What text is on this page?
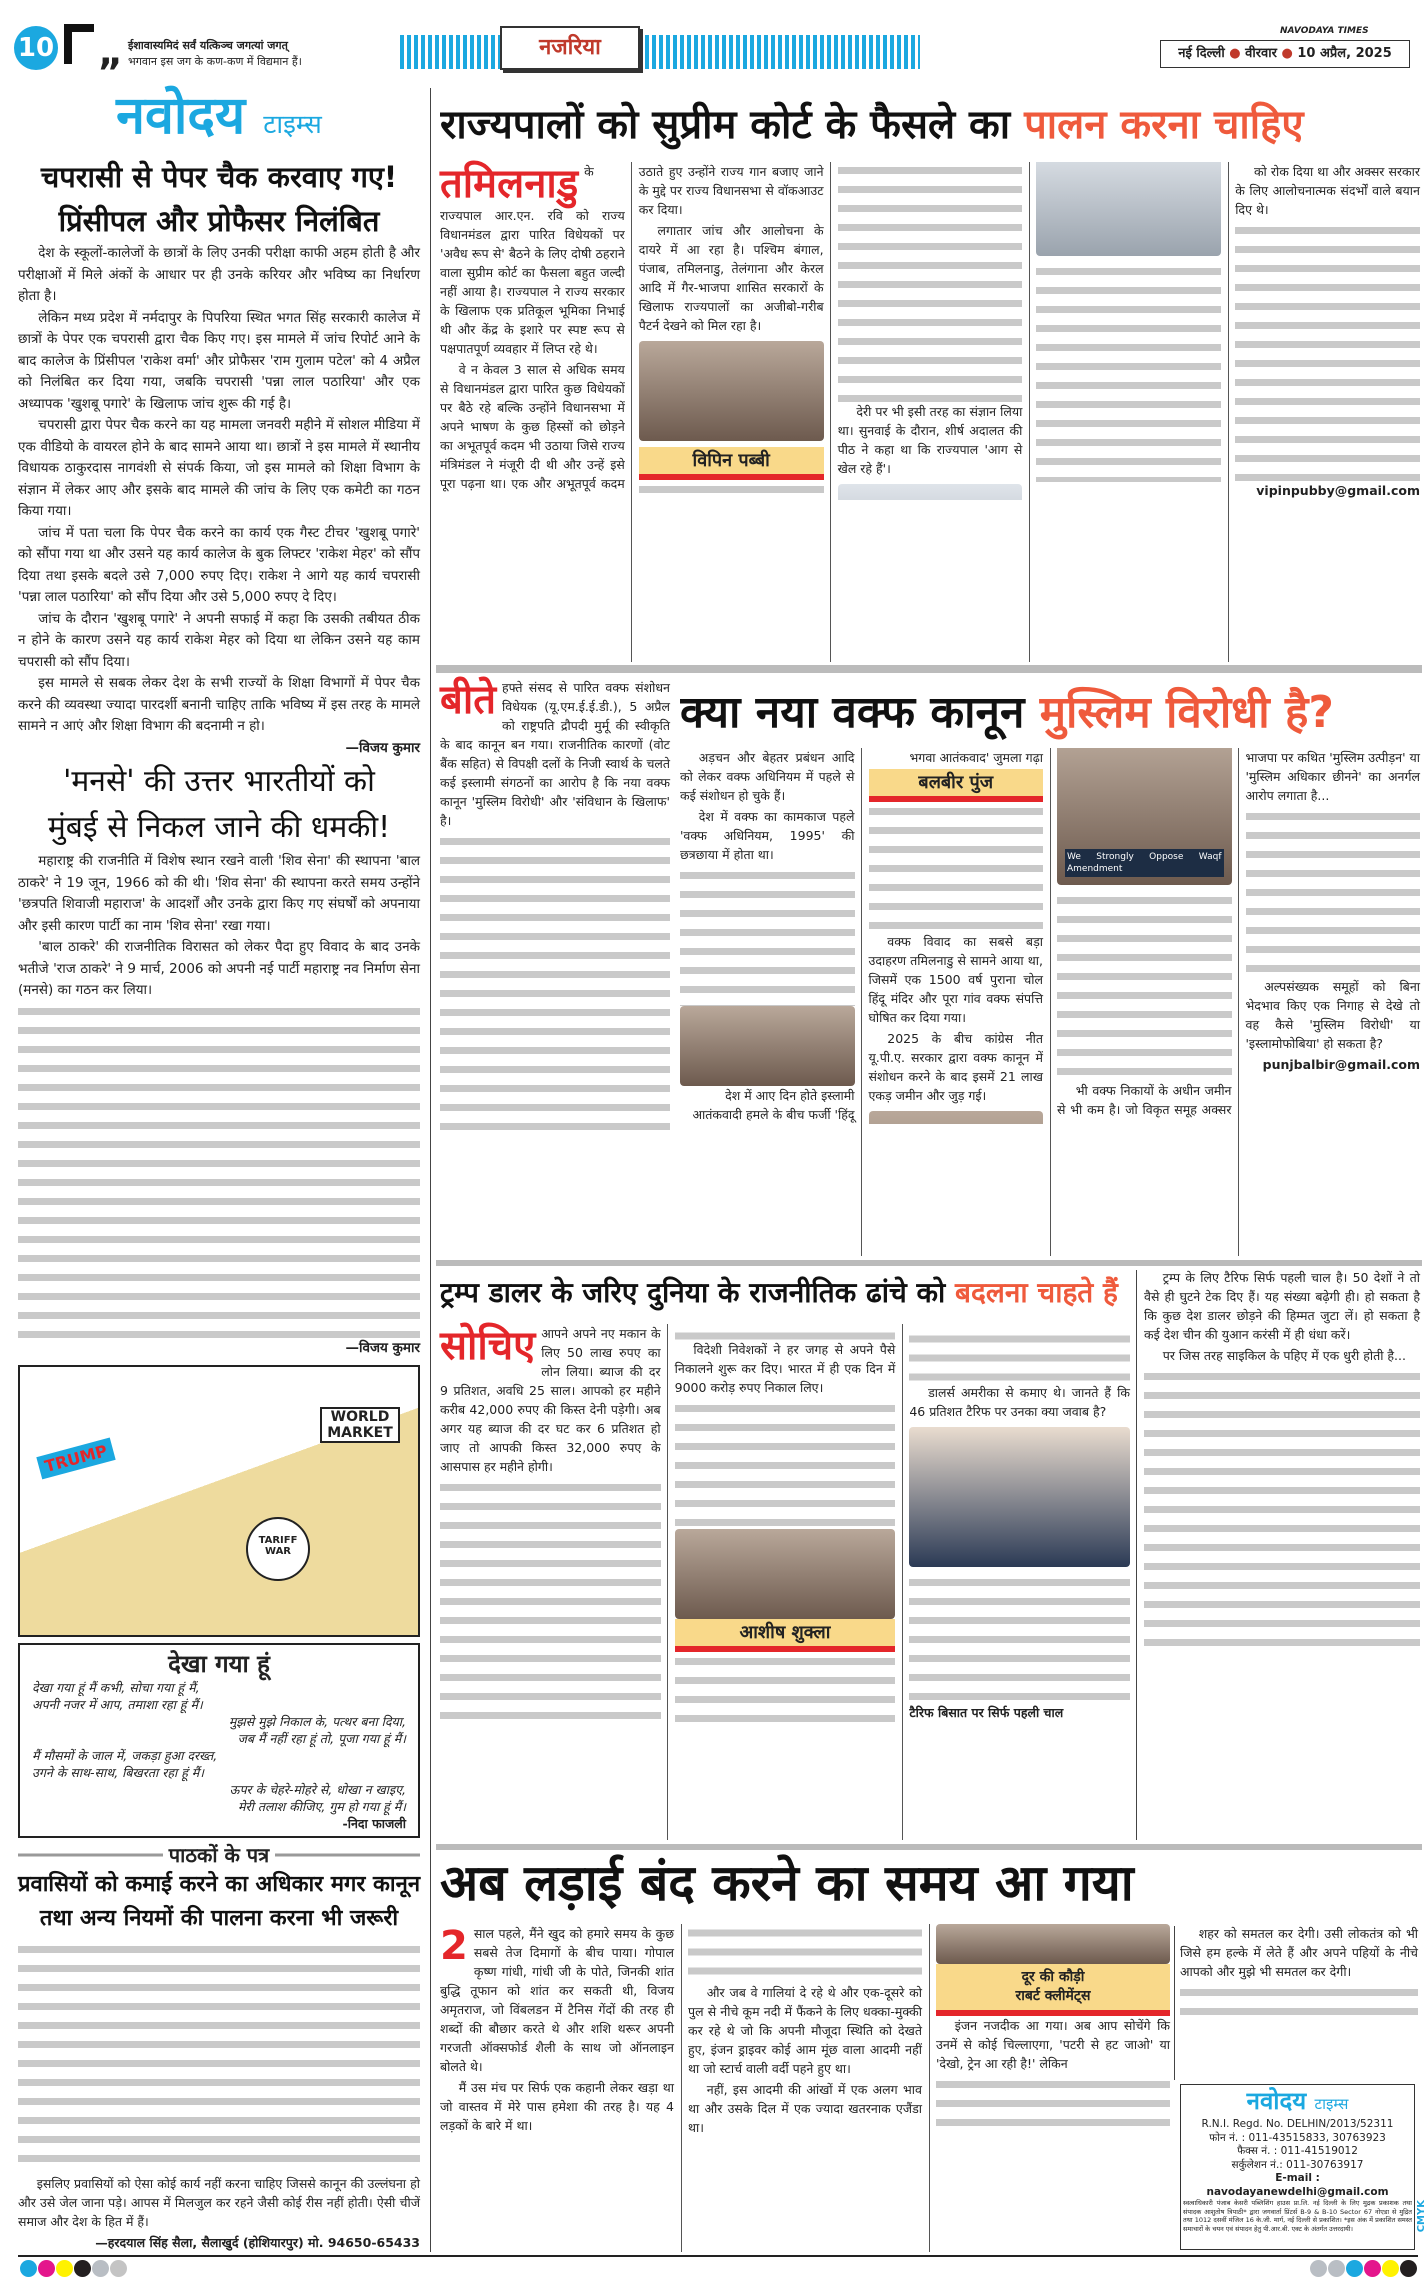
10 „ ईशावास्यमिदं सर्वं यत्किञ्च जगत्यां जगत्
भगवान इस जग के कण-कण में विद्यमान हैं।
नजरिया
NAVODAYA TIMES
नई दिल्ली ● वीरवार ● 10 अप्रैल, 2025
नवोदय टाइम्स
चपरासी से पेपर चैक करवाए गए!
प्रिंसीपल और प्रोफैसर निलंबित

देश के स्कूलों-कालेजों के छात्रों के लिए उनकी परीक्षा काफी अहम होती है और परीक्षाओं में मिले अंकों के आधार पर ही उनके करियर और भविष्य का निर्धारण होता है।

लेकिन मध्य प्रदेश में नर्मदापुर के पिपरिया स्थित भगत सिंह सरकारी कालेज में छात्रों के पेपर एक चपरासी द्वारा चैक किए गए। इस मामले में जांच रिपोर्ट आने के बाद कालेज के प्रिंसीपल 'राकेश वर्मा' और प्रोफैसर 'राम गुलाम पटेल' को 4 अप्रैल को निलंबित कर दिया गया, जबकि चपरासी 'पन्ना लाल पठारिया' और एक अध्यापक 'खुशबू पगारे' के खिलाफ जांच शुरू की गई है।

चपरासी द्वारा पेपर चैक करने का यह मामला जनवरी महीने में सोशल मीडिया में एक वीडियो के वायरल होने के बाद सामने आया था। छात्रों ने इस मामले में स्थानीय विधायक ठाकुरदास नागवंशी से संपर्क किया, जो इस मामले को शिक्षा विभाग के संज्ञान में लेकर आए और इसके बाद मामले की जांच के लिए एक कमेटी का गठन किया गया।

जांच में पता चला कि पेपर चैक करने का कार्य एक गैस्ट टीचर 'खुशबू पगारे' को सौंपा गया था और उसने यह कार्य कालेज के बुक लिफ्टर 'राकेश मेहर' को सौंप दिया तथा इसके बदले उसे 7,000 रुपए दिए। राकेश ने आगे यह कार्य चपरासी 'पन्ना लाल पठारिया' को सौंप दिया और उसे 5,000 रुपए दे दिए।

जांच के दौरान 'खुशबू पगारे' ने अपनी सफाई में कहा कि उसकी तबीयत ठीक न होने के कारण उसने यह कार्य राकेश मेहर को दिया था लेकिन उसने यह काम चपरासी को सौंप दिया।

इस मामले से सबक लेकर देश के सभी राज्यों के शिक्षा विभागों में पेपर चैक करने की व्यवस्था ज्यादा पारदर्शी बनानी चाहिए ताकि भविष्य में इस तरह के मामले सामने न आएं और शिक्षा विभाग की बदनामी न हो।

—विजय कुमार
'मनसे' की उत्तर भारतीयों को
मुंबई से निकल जाने की धमकी!

महाराष्ट्र की राजनीति में विशेष स्थान रखने वाली 'शिव सेना' की स्थापना 'बाल ठाकरे' ने 19 जून, 1966 को की थी। 'शिव सेना' की स्थापना करते समय उन्होंने 'छत्रपति शिवाजी महाराज' के आदर्शों और उनके द्वारा किए गए संघर्षों को अपनाया और इसी कारण पार्टी का नाम 'शिव सेना' रखा गया।

'बाल ठाकरे' की राजनीतिक विरासत को लेकर पैदा हुए विवाद के बाद उनके भतीजे 'राज ठाकरे' ने 9 मार्च, 2006 को अपनी नई पार्टी महाराष्ट्र नव निर्माण सेना (मनसे) का गठन कर लिया।

—विजय कुमार
TRUMP
WORLD MARKET
TARIFF WAR
देखा गया हूं
देखा गया हूं मैं कभी, सोचा गया हूं मैं,
अपनी नजर में आप, तमाशा रहा हूं मैं।
मुझसे मुझे निकाल के, पत्थर बना दिया,
जब मैं नहीं रहा हूं तो, पूजा गया हूं मैं।
मैं मौसमों के जाल में, जकड़ा हुआ दरख्त,
उगने के साथ-साथ, बिखरता रहा हूं मैं।
ऊपर के चेहरे-मोहरे से, धोखा न खाइए,
मेरी तलाश कीजिए, गुम हो गया हूं मैं।
-निदा फाजली
पाठकों के पत्र
प्रवासियों को कमाई करने का अधिकार मगर कानून
तथा अन्य नियमों की पालना करना भी जरूरी

इसलिए प्रवासियों को ऐसा कोई कार्य नहीं करना चाहिए जिससे कानून की उल्लंघना हो और उसे जेल जाना पड़े। आपस में मिलजुल कर रहने जैसी कोई रीस नहीं होती। ऐसी चीजें समाज और देश के हित में हैं।

—हरदयाल सिंह सैला, सैलाखुर्द (होशियारपुर) मो. 94650-65433
राज्यपालों को सुप्रीम कोर्ट के फैसले का पालन करना चाहिए
तमिलनाडु के राज्यपाल आर.एन. रवि को राज्य विधानमंडल द्वारा पारित विधेयकों पर 'अवैध रूप से' बैठने के लिए दोषी ठहराने वाला सुप्रीम कोर्ट का फैसला बहुत जल्दी नहीं आया है। राज्यपाल ने राज्य सरकार के खिलाफ एक प्रतिकूल भूमिका निभाई थी और केंद्र के इशारे पर स्पष्ट रूप से पक्षपातपूर्ण व्यवहार में लिप्त रहे थे।

वे न केवल 3 साल से अधिक समय से विधानमंडल द्वारा पारित कुछ विधेयकों पर बैठे रहे बल्कि उन्होंने विधानसभा में अपने भाषण के कुछ हिस्सों को छोड़ने का अभूतपूर्व कदम भी उठाया जिसे राज्य मंत्रिमंडल ने मंजूरी दी थी और उन्हें इसे पूरा पढ़ना था। एक और अभूतपूर्व कदम उठाते हुए उन्होंने राज्य गान बजाए जाने के मुद्दे पर राज्य विधानसभा से वॉकआउट कर दिया।

लगातार जांच और आलोचना के दायरे में आ रहा है। पश्चिम बंगाल, पंजाब, तमिलनाडु, तेलंगाना और केरल आदि में गैर-भाजपा शासित सरकारों के खिलाफ राज्यपालों का अजीबो-गरीब पैटर्न देखने को मिल रहा है।

विपिन पब्बी

देरी पर भी इसी तरह का संज्ञान लिया था। सुनवाई के दौरान, शीर्ष अदालत की पीठ ने कहा था कि राज्यपाल 'आग से खेल रहे हैं'।

को रोक दिया था और अक्सर सरकार के लिए आलोचनात्मक संदर्भों वाले बयान दिए थे।

vipinpubby@gmail.com
बीते हफ्ते संसद से पारित वक्फ संशोधन विधेयक (यू.एम.ई.ई.डी.), 5 अप्रैल को राष्ट्रपति द्रौपदी मुर्मू की स्वीकृति के बाद कानून बन गया। राजनीतिक कारणों (वोट बैंक सहित) से विपक्षी दलों के निजी स्वार्थ के चलते कई इस्लामी संगठनों का आरोप है कि नया वक्फ कानून 'मुस्लिम विरोधी' और 'संविधान के खिलाफ' है।

क्या नया वक्फ कानून मुस्लिम विरोधी है?

अड़चन और बेहतर प्रबंधन आदि को लेकर वक्फ अधिनियम में पहले से कई संशोधन हो चुके हैं।

देश में वक्फ का कामकाज पहले 'वक्फ अधिनियम, 1995' की छत्रछाया में होता था।

देश में आए दिन होते इस्लामी आतंकवादी हमले के बीच फर्जी 'हिंदू भगवा आतंकवाद' जुमला गढ़ा

बलबीर पुंज

वक्फ विवाद का सबसे बड़ा उदाहरण तमिलनाडु से सामने आया था, जिसमें एक 1500 वर्ष पुराना चोल हिंदू मंदिर और पूरा गांव वक्फ संपत्ति घोषित कर दिया गया।

2025 के बीच कांग्रेस नीत यू.पी.ए. सरकार द्वारा वक्फ कानून में संशोधन करने के बाद इसमें 21 लाख एकड़ जमीन और जुड़ गई।

We Strongly Oppose Waqf Amendment

भी वक्फ निकायों के अधीन जमीन से भी कम है। जो विकृत समूह अक्सर भाजपा पर कथित 'मुस्लिम उत्पीड़न' या 'मुस्लिम अधिकार छीनने' का अनर्गल आरोप लगाता है...

अल्पसंख्यक समूहों को बिना भेदभाव किए एक निगाह से देखे तो वह कैसे 'मुस्लिम विरोधी' या 'इस्लामोफोबिया' हो सकता है?

punjbalbir@gmail.com
ट्रम्प डालर के जरिए दुनिया के राजनीतिक ढांचे को बदलना चाहते हैं
सोचिए आपने अपने नए मकान के लिए 50 लाख रुपए का लोन लिया। ब्याज की दर 9 प्रतिशत, अवधि 25 साल। आपको हर महीने करीब 42,000 रुपए की किस्त देनी पड़ेगी। अब अगर यह ब्याज की दर घट कर 6 प्रतिशत हो जाए तो आपकी किस्त 32,000 रुपए के आसपास हर महीने होगी।

विदेशी निवेशकों ने हर जगह से अपने पैसे निकालने शुरू कर दिए। भारत में ही एक दिन में 9000 करोड़ रुपए निकाल लिए।

आशीष शुक्ला

डालर्स अमरीका से कमाए थे। जानते हैं कि 46 प्रतिशत टैरिफ पर उनका क्या जवाब है?

टैरिफ बिसात पर सिर्फ पहली चाल

ट्रम्प के लिए टैरिफ सिर्फ पहली चाल है। 50 देशों ने तो वैसे ही घुटने टेक दिए हैं। यह संख्या बढ़ेगी ही। हो सकता है कि कुछ देश डालर छोड़ने की हिम्मत जुटा लें। हो सकता है कई देश चीन की युआन करंसी में ही धंधा करें।

पर जिस तरह साइकिल के पहिए में एक धुरी होती है...

अब लड़ाई बंद करने का समय आ गया
2 साल पहले, मैंने खुद को हमारे समय के कुछ सबसे तेज दिमागों के बीच पाया। गोपाल कृष्ण गांधी, गांधी जी के पोते, जिनकी शांत बुद्धि तूफान को शांत कर सकती थी, विजय अमृतराज, जो विंबलडन में टैनिस गेंदों की तरह ही शब्दों की बौछार करते थे और शशि थरूर अपनी गरजती ऑक्सफोर्ड शैली के साथ जो ऑनलाइन बोलते थे।

मैं उस मंच पर सिर्फ एक कहानी लेकर खड़ा था जो वास्तव में मेरे पास हमेशा की तरह है। यह 4 लड़कों के बारे में था।

और जब वे गालियां दे रहे थे और एक-दूसरे को पुल से नीचे कूम नदी में फैंकने के लिए धक्का-मुक्की कर रहे थे जो कि अपनी मौजूदा स्थिति को देखते हुए, इंजन ड्राइवर कोई आम मूंछ वाला आदमी नहीं था जो स्टार्च वाली वर्दी पहने हुए था।

नहीं, इस आदमी की आंखों में एक अलग भाव था और उसके दिल में एक ज्यादा खतरनाक एजैंडा था।

दूर की कौड़ी
राबर्ट क्लीमेंट्स

इंजन नजदीक आ गया। अब आप सोचेंगे कि उनमें से कोई चिल्लाएगा, 'पटरी से हट जाओ' या 'देखो, ट्रेन आ रही है!' लेकिन

शहर को समतल कर देगी। उसी लोकतंत्र को भी जिसे हम हल्के में लेते हैं और अपने पहियों के नीचे आपको और मुझे भी समतल कर देगी।

नवोदय टाइम्स
R.N.I. Regd. No. DELHIN/2013/52311
फोन नं. : 011-43515833, 30763923
फैक्स नं. : 011-41519012
सर्कुलेशन नं.: 011-30763917
E-mail : navodayanewdelhi@gmail.com
स्वत्वाधिकारी पंजाब केसरी पब्लिशिंग हाउस प्रा.लि. नई दिल्ली के लिए मुद्रक प्रकाशक तथा संपादक आशुतोष त्रिपाठी* द्वारा जगवार्ता प्रिंटर्स B-9 & B-10 Sector 67 नोएडा से मुद्रित तथा 1012 दसवीं मंजिल 16 के.जी. मार्ग, नई दिल्ली से प्रकाशित। *इस अंक में प्रकाशित समस्त समाचारों के चयन एवं संपादन हेतु पी.आर.बी. एक्ट के अंतर्गत उत्तरदायी।	CMYK
